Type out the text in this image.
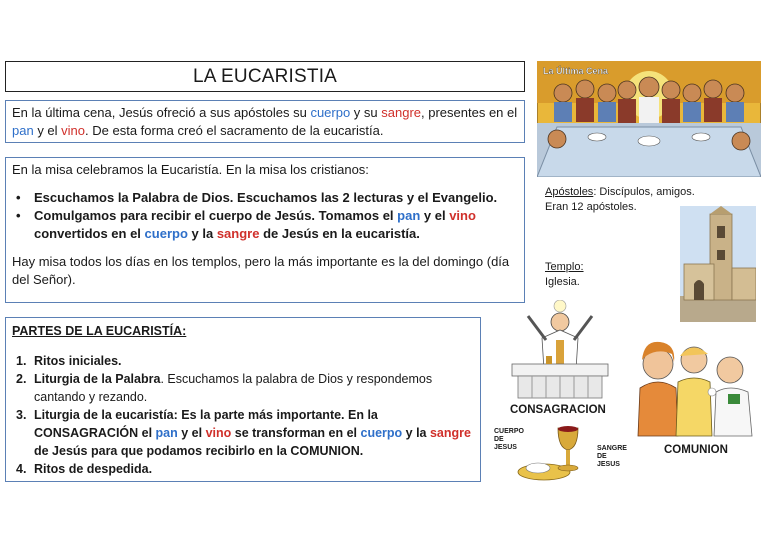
LA EUCARISTIA

En la última cena, Jesús ofreció a sus apóstoles su cuerpo y su sangre, presentes en el pan y el vino. De esta forma creó el sacramento de la eucaristía.

En la misa celebramos la Eucaristía. En la misa los cristianos:

• Escuchamos la Palabra de Dios. Escuchamos las 2 lecturas y el Evangelio.
• Comulgamos para recibir el cuerpo de Jesús. Tomamos el pan y el vino convertidos en el cuerpo y la sangre de Jesús en la eucaristía.

Hay misa todos los días en los templos, pero la más importante es la del domingo (día del Señor).

PARTES DE LA EUCARISTÍA:

1. Ritos iniciales.
2. Liturgia de la Palabra. Escuchamos la palabra de Dios y respondemos cantando y rezando.
3. Liturgia de la eucaristía: Es la parte más importante. En la CONSAGRACIÓN el pan y el vino se transforman en el cuerpo y la sangre de Jesús para que podamos recibirlo en la COMUNION.
4. Ritos de despedida.
La Última Cena
Apóstoles: Discípulos, amigos.
Eran 12 apóstoles.
Templo:
Iglesia.
CONSAGRACION
CUERPO DE JESUS	SANGRE DE JESUS
COMUNION
